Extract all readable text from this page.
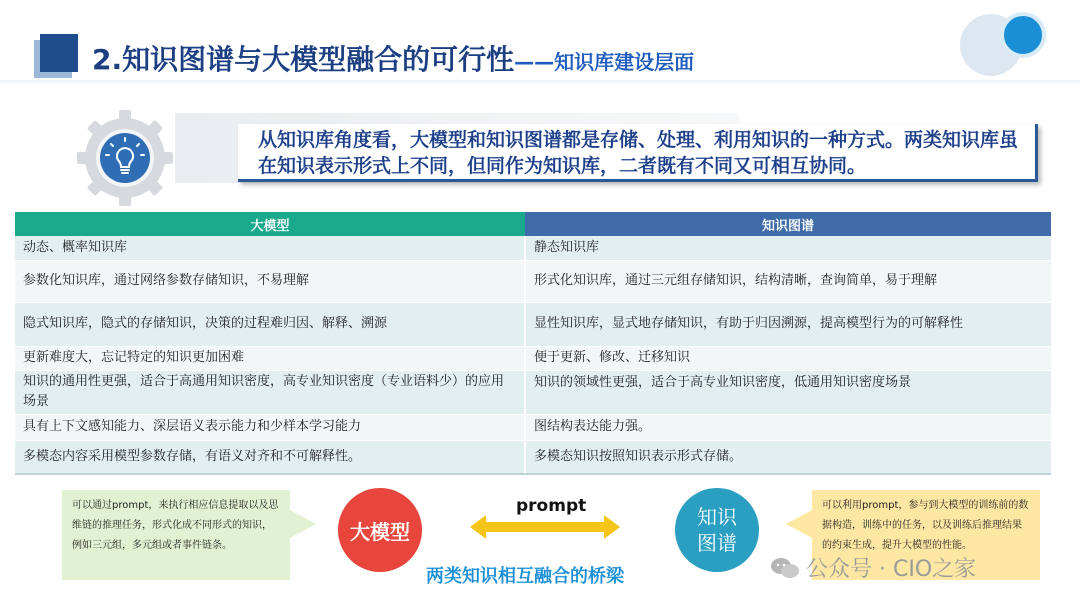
2.知识图谱与大模型融合的可行性——知识库建设层面
从知识库角度看，大模型和知识图谱都是存储、处理、利用知识的一种方式。两类知识库虽在知识表示形式上不同，但同作为知识库，二者既有不同又可相互协同。
大模型	知识图谱
动态、概率知识库	静态知识库
参数化知识库，通过网络参数存储知识，不易理解	形式化知识库，通过三元组存储知识，结构清晰，查询简单，易于理解
隐式知识库，隐式的存储知识，决策的过程难归因、解释、溯源	显性知识库，显式地存储知识，有助于归因溯源，提高模型行为的可解释性
更新难度大，忘记特定的知识更加困难	便于更新、修改、迁移知识
知识的通用性更强，适合于高通用知识密度，高专业知识密度（专业语料少）的应用场景	知识的领域性更强，适合于高专业知识密度，低通用知识密度场景
具有上下文感知能力、深层语义表示能力和少样本学习能力	图结构表达能力强。
多模态内容采用模型参数存储，有语义对齐和不可解释性。	多模态知识按照知识表示形式存储。
可以通过prompt，来执行相应信息提取以及思维链的推理任务，形式化成不同形式的知识，例如三元组，多元组或者事件链条。
大模型
prompt	知识图谱
可以利用prompt，参与到大模型的训练前的数据构造，训练中的任务，以及训练后推理结果的约束生成，提升大模型的性能。
两类知识相互融合的桥梁	公众号 · CIO之家
